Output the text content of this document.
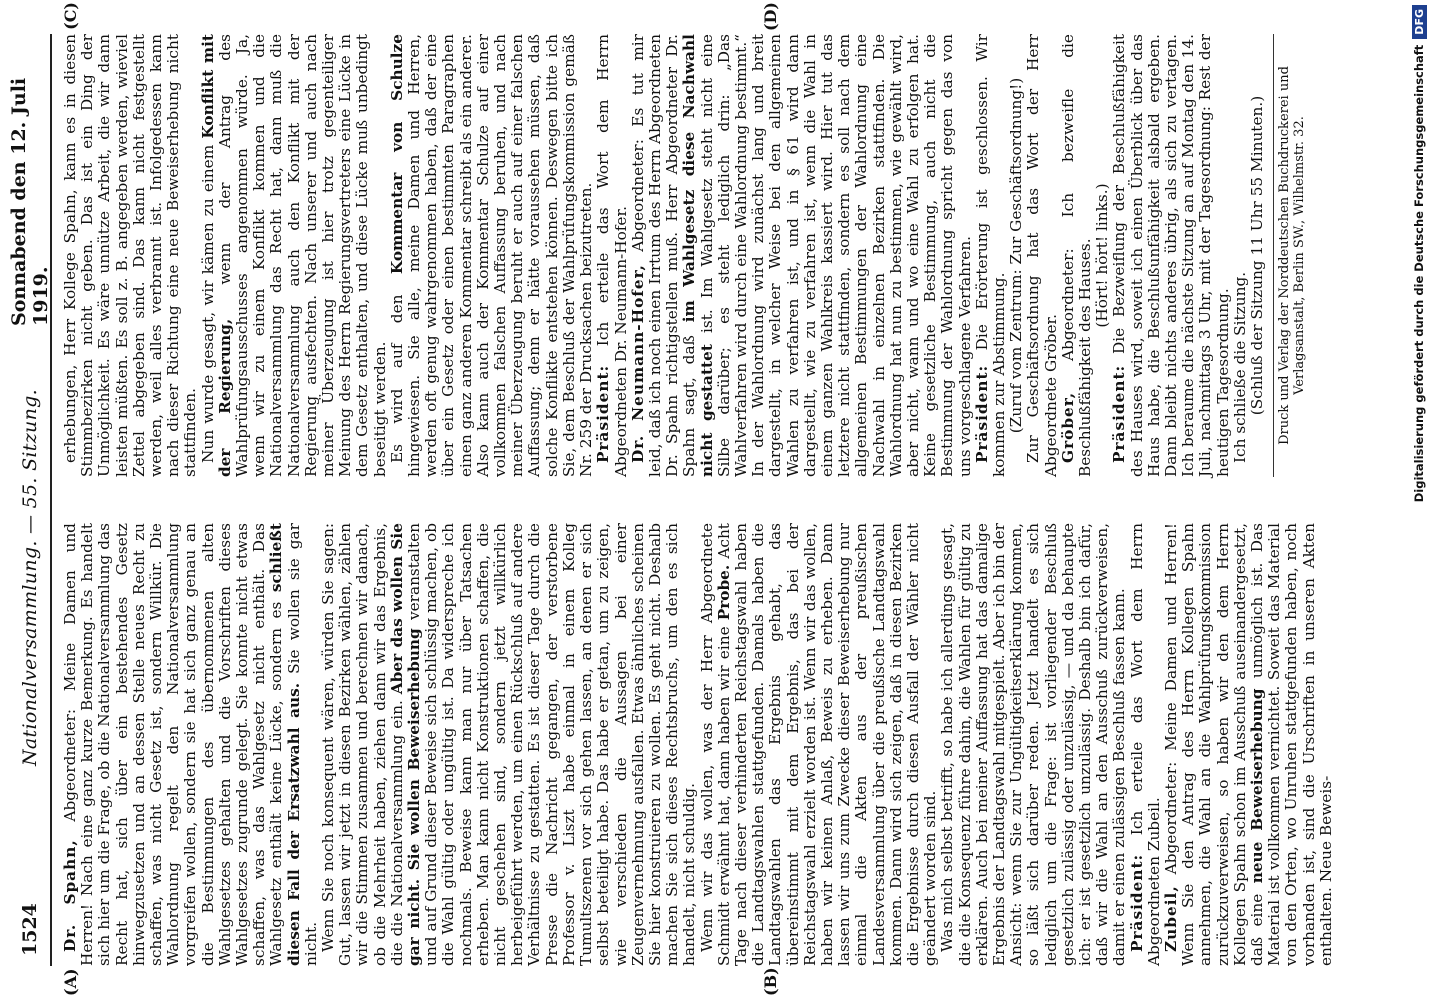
1524
Nationalversammlung. — 55. Sitzung.
Sonnabend den 12. Juli 1919.
(A)	(B)

Dr. Spahn, Abgeordneter: Meine Damen und Herren! Nach eine ganz kurze Bemerkung. Es handelt sich hier um die Frage, ob die Nationalversammlung das Recht hat, sich über ein bestehendes Gesetz hinwegzusetzen und an dessen Stelle neues Recht zu schaffen, was nicht Gesetz ist, sondern Willkür. Die Wahlordnung regelt den Nationalversammlung vorgreifen wollen, sondern sie hat sich ganz genau an die Bestimmungen des übernommenen alten Wahlgesetzes gehalten und die Vorschriften dieses Wahlgesetzes zugrunde gelegt. Sie konnte nicht etwas schaffen, was das Wahlgesetz nicht enthält. Das Wahlgesetz enthält keine Lücke, sondern es schließt diesen Fall der Ersatzwahl aus. Sie wollen sie gar nicht. Wenn Sie noch konsequent wären, würden Sie sagen: Gut, lassen wir jetzt in diesen Bezirken wählen, zählen wir die Stimmen zusammen und berechnen wir danach, ob die Mehrheit haben, ziehen dann wir das Ergebnis, die die Nationalversammlung ein. Aber das wollen Sie gar nicht. Sie wollen Beweiserhebung veranstalten und auf Grund dieser Beweise sich schlüssig machen, ob die Wahl gültig oder ungültig ist. Da widerspreche ich nochmals. Beweise kann man nur über Tatsachen erheben. Man kann nicht Konstruktionen schaffen, die nicht geschehen sind, sondern jetzt willkürlich herbeigeführt werden, um einen Rückschluß auf andere Verhältnisse zu gestatten. Es ist dieser Tage durch die Presse die Nachricht gegangen, der verstorbene Professor v. Liszt habe einmal in einem Kolleg Tumultszenen vor sich gehen lassen, an denen er sich selbst beteiligt habe. Das habe er getan, um zu zeigen, wie verschieden die Aussagen bei einer Zeugenvernehmung ausfallen. Etwas ähnliches scheinen Sie hier konstruieren zu wollen. Es geht nicht. Deshalb machen Sie sich dieses Rechtsbruchs, um den es sich handelt, nicht schuldig. Wenn wir das wollen, was der Herr Abgeordnete Schmidt erwähnt hat, dann haben wir eine Probe. Acht Tage nach dieser verhinderten Reichstagswahl haben die Landtagswahlen stattgefunden. Damals haben die Landtagswahlen das Ergebnis gehabt, das übereinstimmt mit dem Ergebnis, das bei der Reichstagswahl erzielt worden ist. Wenn wir das wollen, haben wir keinen Anlaß, Beweis zu erheben. Dann lassen wir uns zum Zwecke dieser Beweiserhebung nur einmal die Akten aus der preußischen Landesversammlung über die preußische Landtagswahl kommen. Dann wird sich zeigen, daß in diesen Bezirken die Ergebnisse durch diesen Ausfall der Wähler nicht geändert worden sind. Was mich selbst betrifft, so habe ich allerdings gesagt, die die Konsequenz führe dahin, die Wahlen für gültig zu erklären. Auch bei meiner Auffassung hat das damalige Ergebnis der Landtagswahl mitgespielt. Aber ich bin der Ansicht: wenn Sie zur Ungültigkeitserklärung kommen, so läßt sich darüber reden. Jetzt handelt es sich lediglich um die Frage: ist vorliegender Beschluß gesetzlich zulässig oder unzulässig, — und da behaupte ich: er ist gesetzlich unzulässig. Deshalb bin ich dafür, daß wir die Wahl an den Ausschuß zurückverweisen, damit er einen zulässigen Beschluß fassen kann. Präsident: Ich erteile das Wort dem Herrn Abgeordneten Zubeil. Zubeil, Abgeordneter: Meine Damen und Herren! Wenn Sie den Antrag des Herrn Kollegen Spahn annehmen, die Wahl an die Wahlprüfungskommission zurückzuverweisen, so haben wir den dem Herrn Kollegen Spahn schon im Ausschuß auseinandergesetzt, daß eine neue Beweiserhebung unmöglich ist. Das Material ist vollkommen vernichtet. Soweit das Material von den Orten, wo Unruhen stattgefunden haben, noch vorhanden ist, sind die Urschriften in unseren Akten enthalten. Neue Beweis-

(C)	(D)

erhebungen, Herr Kollege Spahn, kann es in diesen Stimmbezirken nicht geben. Das ist ein Ding der Unmöglichkeit. Es wäre unnütze Arbeit, die wir dann leisten müßten. Es soll z. B. angegeben werden, wieviel Zettel abgegeben sind. Das kann nicht festgestellt werden, weil alles verbrannt ist. Infolgedessen kann nach dieser Richtung eine neue Beweiserhebung nicht stattfinden. Nun wurde gesagt, wir kämen zu einem Konflikt mit der Regierung, wenn der Antrag des Wahlprüfungsausschusses angenommen würde. Ja, wenn wir zu einem Konflikt kommen und die Nationalversammlung das Recht hat, dann muß die Nationalversammlung auch den Konflikt mit der Regierung ausfechten. Nach unserer und auch nach meiner Überzeugung ist hier trotz gegenteiliger Meinung des Herrn Regierungsvertreters eine Lücke in dem Gesetz enthalten, und diese Lücke muß unbedingt beseitigt werden. Es wird auf den Kommentar von Schulze hingewiesen. Sie alle, meine Damen und Herren, werden oft genug wahrgenommen haben, daß der eine über ein Gesetz oder einen bestimmten Paragraphen einen ganz anderen Kommentar schreibt als ein anderer. Also kann auch der Kommentar Schulze auf einer vollkommen falschen Auffassung beruhen, und nach meiner Überzeugung beruht er auch auf einer falschen Auffassung; denn er hätte voraussehen müssen, daß solche Konflikte entstehen können. Deswegen bitte ich Sie, dem Beschluß der Wahlprüfungskommission gemäß Nr. 259 der Drucksachen beizutreten. Präsident: Ich erteile das Wort dem Herrn Abgeordneten Dr. Neumann-Hofer. Dr. Neumann-Hofer, Abgeordneter: Es tut mir leid, daß ich noch einen Irrtum des Herrn Abgeordneten Dr. Spahn richtigstellen muß. Herr Abgeordneter Dr. Spahn sagt, daß im Wahlgesetz diese Nachwahl nicht gestattet ist. Im Wahlgesetz steht nicht eine Silbe darüber; es steht lediglich drin: „Das Wahlverfahren wird durch eine Wahlordnung bestimmt.“ In der Wahlordnung wird zunächst lang und breit dargestellt, in welcher Weise bei den allgemeinen Wahlen zu verfahren ist, und in § 61 wird dann dargestellt, wie zu verfahren ist, wenn die Wahl in einem ganzen Wahlkreis kassiert wird. Hier tut das letztere nicht stattfinden, sondern es soll nach dem allgemeinen Bestimmungen der Wahlordnung eine Nachwahl in einzelnen Bezirken stattfinden. Die Wahlordnung hat nun zu bestimmen, wie gewählt wird, aber nicht, wann und wo eine Wahl zu erfolgen hat. Keine gesetzliche Bestimmung, auch nicht die Bestimmung der Wahlordnung spricht gegen das von uns vorgeschlagene Verfahren. Präsident: Die Erörterung ist geschlossen. Wir kommen zur Abstimmung. (Zuruf vom Zentrum: Zur Geschäftsordnung!) Zur Geschäftsordnung hat das Wort der Herr Abgeordnete Gröber. Gröber, Abgeordneter: Ich bezweifle die Beschlußfähigkeit des Hauses. (Hört! hört! links.)

Präsident: Die Bezweiflung der Beschlußfähigkeit des Hauses wird, soweit ich einen Überblick über das Haus habe, die Beschlußunfähigkeit alsbald ergeben. Dann bleibt nichts anderes übrig, als sich zu vertagen. Ich beraume die nächste Sitzung an auf Montag den 14. Juli, nachmittags 3 Uhr, mit der Tagesordnung: Rest der heutigen Tagesordnung. Ich schließe die Sitzung. (Schluß der Sitzung 11 Uhr 55 Minuten.) Druck und Verlag der Norddeutschen Buchdruckerei und Verlagsanstalt, Berlin SW., Wilhelmstr. 32.	Digitalisierung gefördert durch die Deutsche Forschungsgemeinschaft
DFG
